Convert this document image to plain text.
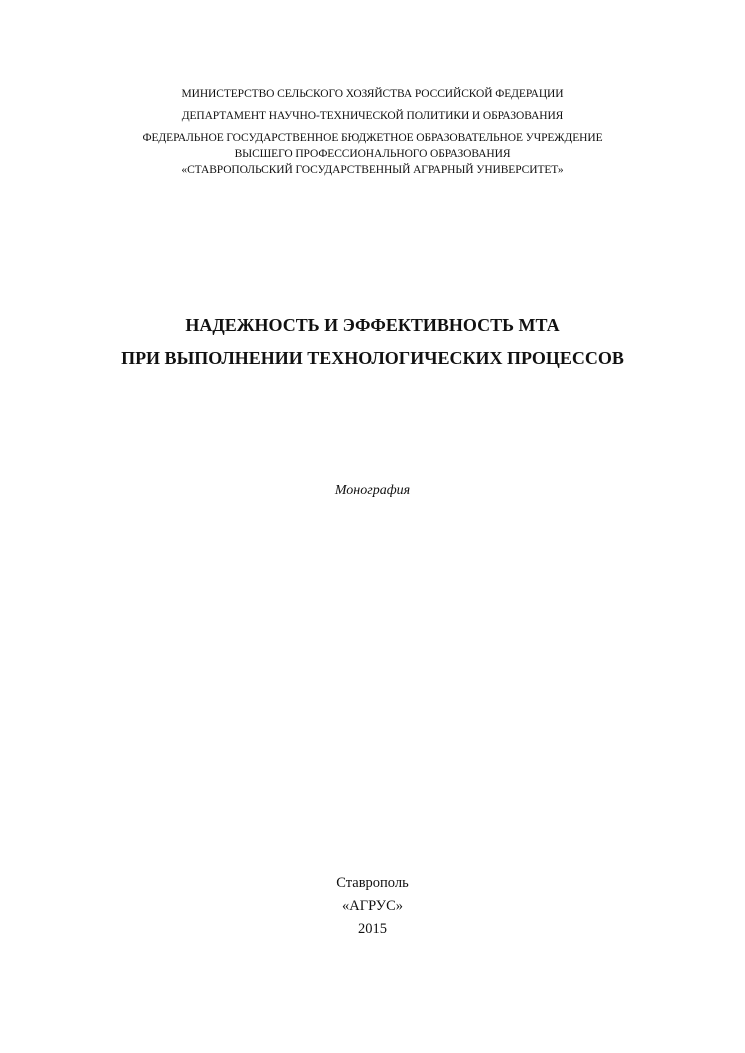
МИНИСТЕРСТВО СЕЛЬСКОГО ХОЗЯЙСТВА РОССИЙСКОЙ ФЕДЕРАЦИИ
ДЕПАРТАМЕНТ НАУЧНО-ТЕХНИЧЕСКОЙ ПОЛИТИКИ И ОБРАЗОВАНИЯ
ФЕДЕРАЛЬНОЕ ГОСУДАРСТВЕННОЕ БЮДЖЕТНОЕ ОБРАЗОВАТЕЛЬНОЕ УЧРЕЖДЕНИЕ
ВЫСШЕГО ПРОФЕССИОНАЛЬНОГО ОБРАЗОВАНИЯ
«СТАВРОПОЛЬСКИЙ ГОСУДАРСТВЕННЫЙ АГРАРНЫЙ УНИВЕРСИТЕТ»
НАДЕЖНОСТЬ И ЭФФЕКТИВНОСТЬ МТА
ПРИ ВЫПОЛНЕНИИ ТЕХНОЛОГИЧЕСКИХ ПРОЦЕССОВ
Монография
Ставрополь
«АГРУС»
2015
